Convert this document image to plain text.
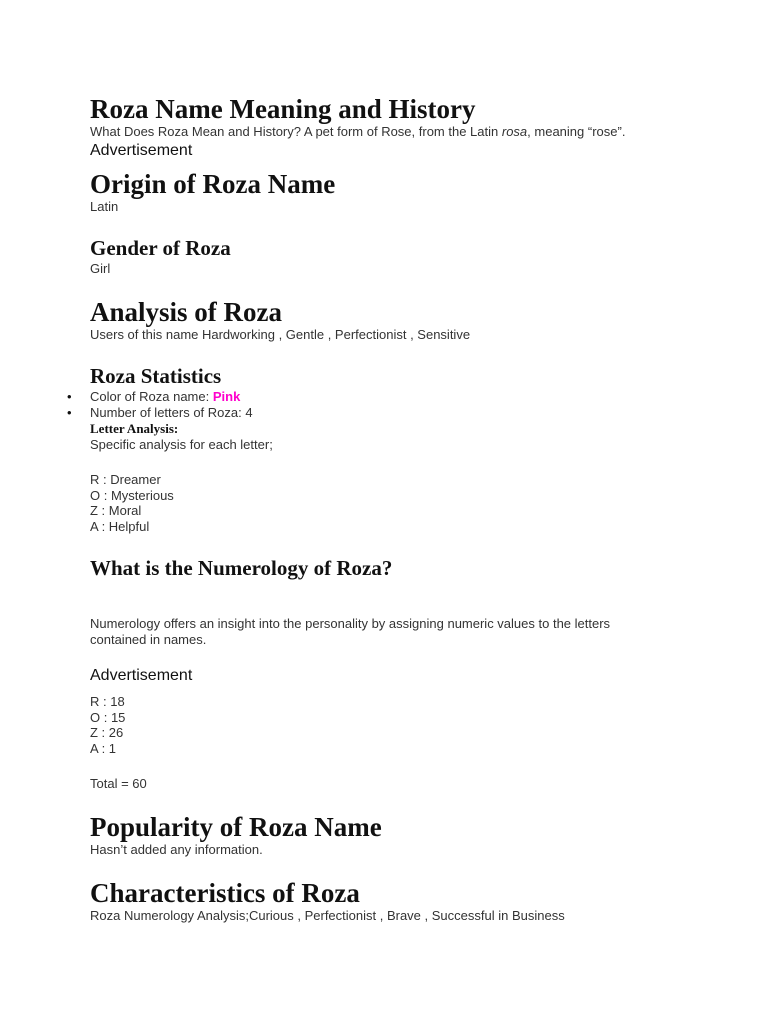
Roza Name Meaning and History

What Does Roza Mean and History? A pet form of Rose, from the Latin rosa, meaning “rose”.

Advertisement
Origin of Roza Name

Latin

Gender of Roza

Girl

Analysis of Roza

Users of this name Hardworking , Gentle , Perfectionist , Sensitive

Roza Statistics
• Color of Roza name: Pink
• Number of letters of Roza: 4
Letter Analysis:

Specific analysis for each letter;

R : Dreamer

O : Mysterious

Z : Moral

A : Helpful

What is the Numerology of Roza?

Numerology offers an insight into the personality by assigning numeric values to the letters

contained in names.

Advertisement

R : 18

O : 15

Z : 26

A : 1

Total = 60

Popularity of Roza Name

Hasn’t added any information.

Characteristics of Roza

Roza Numerology Analysis;Curious , Perfectionist , Brave , Successful in Business
